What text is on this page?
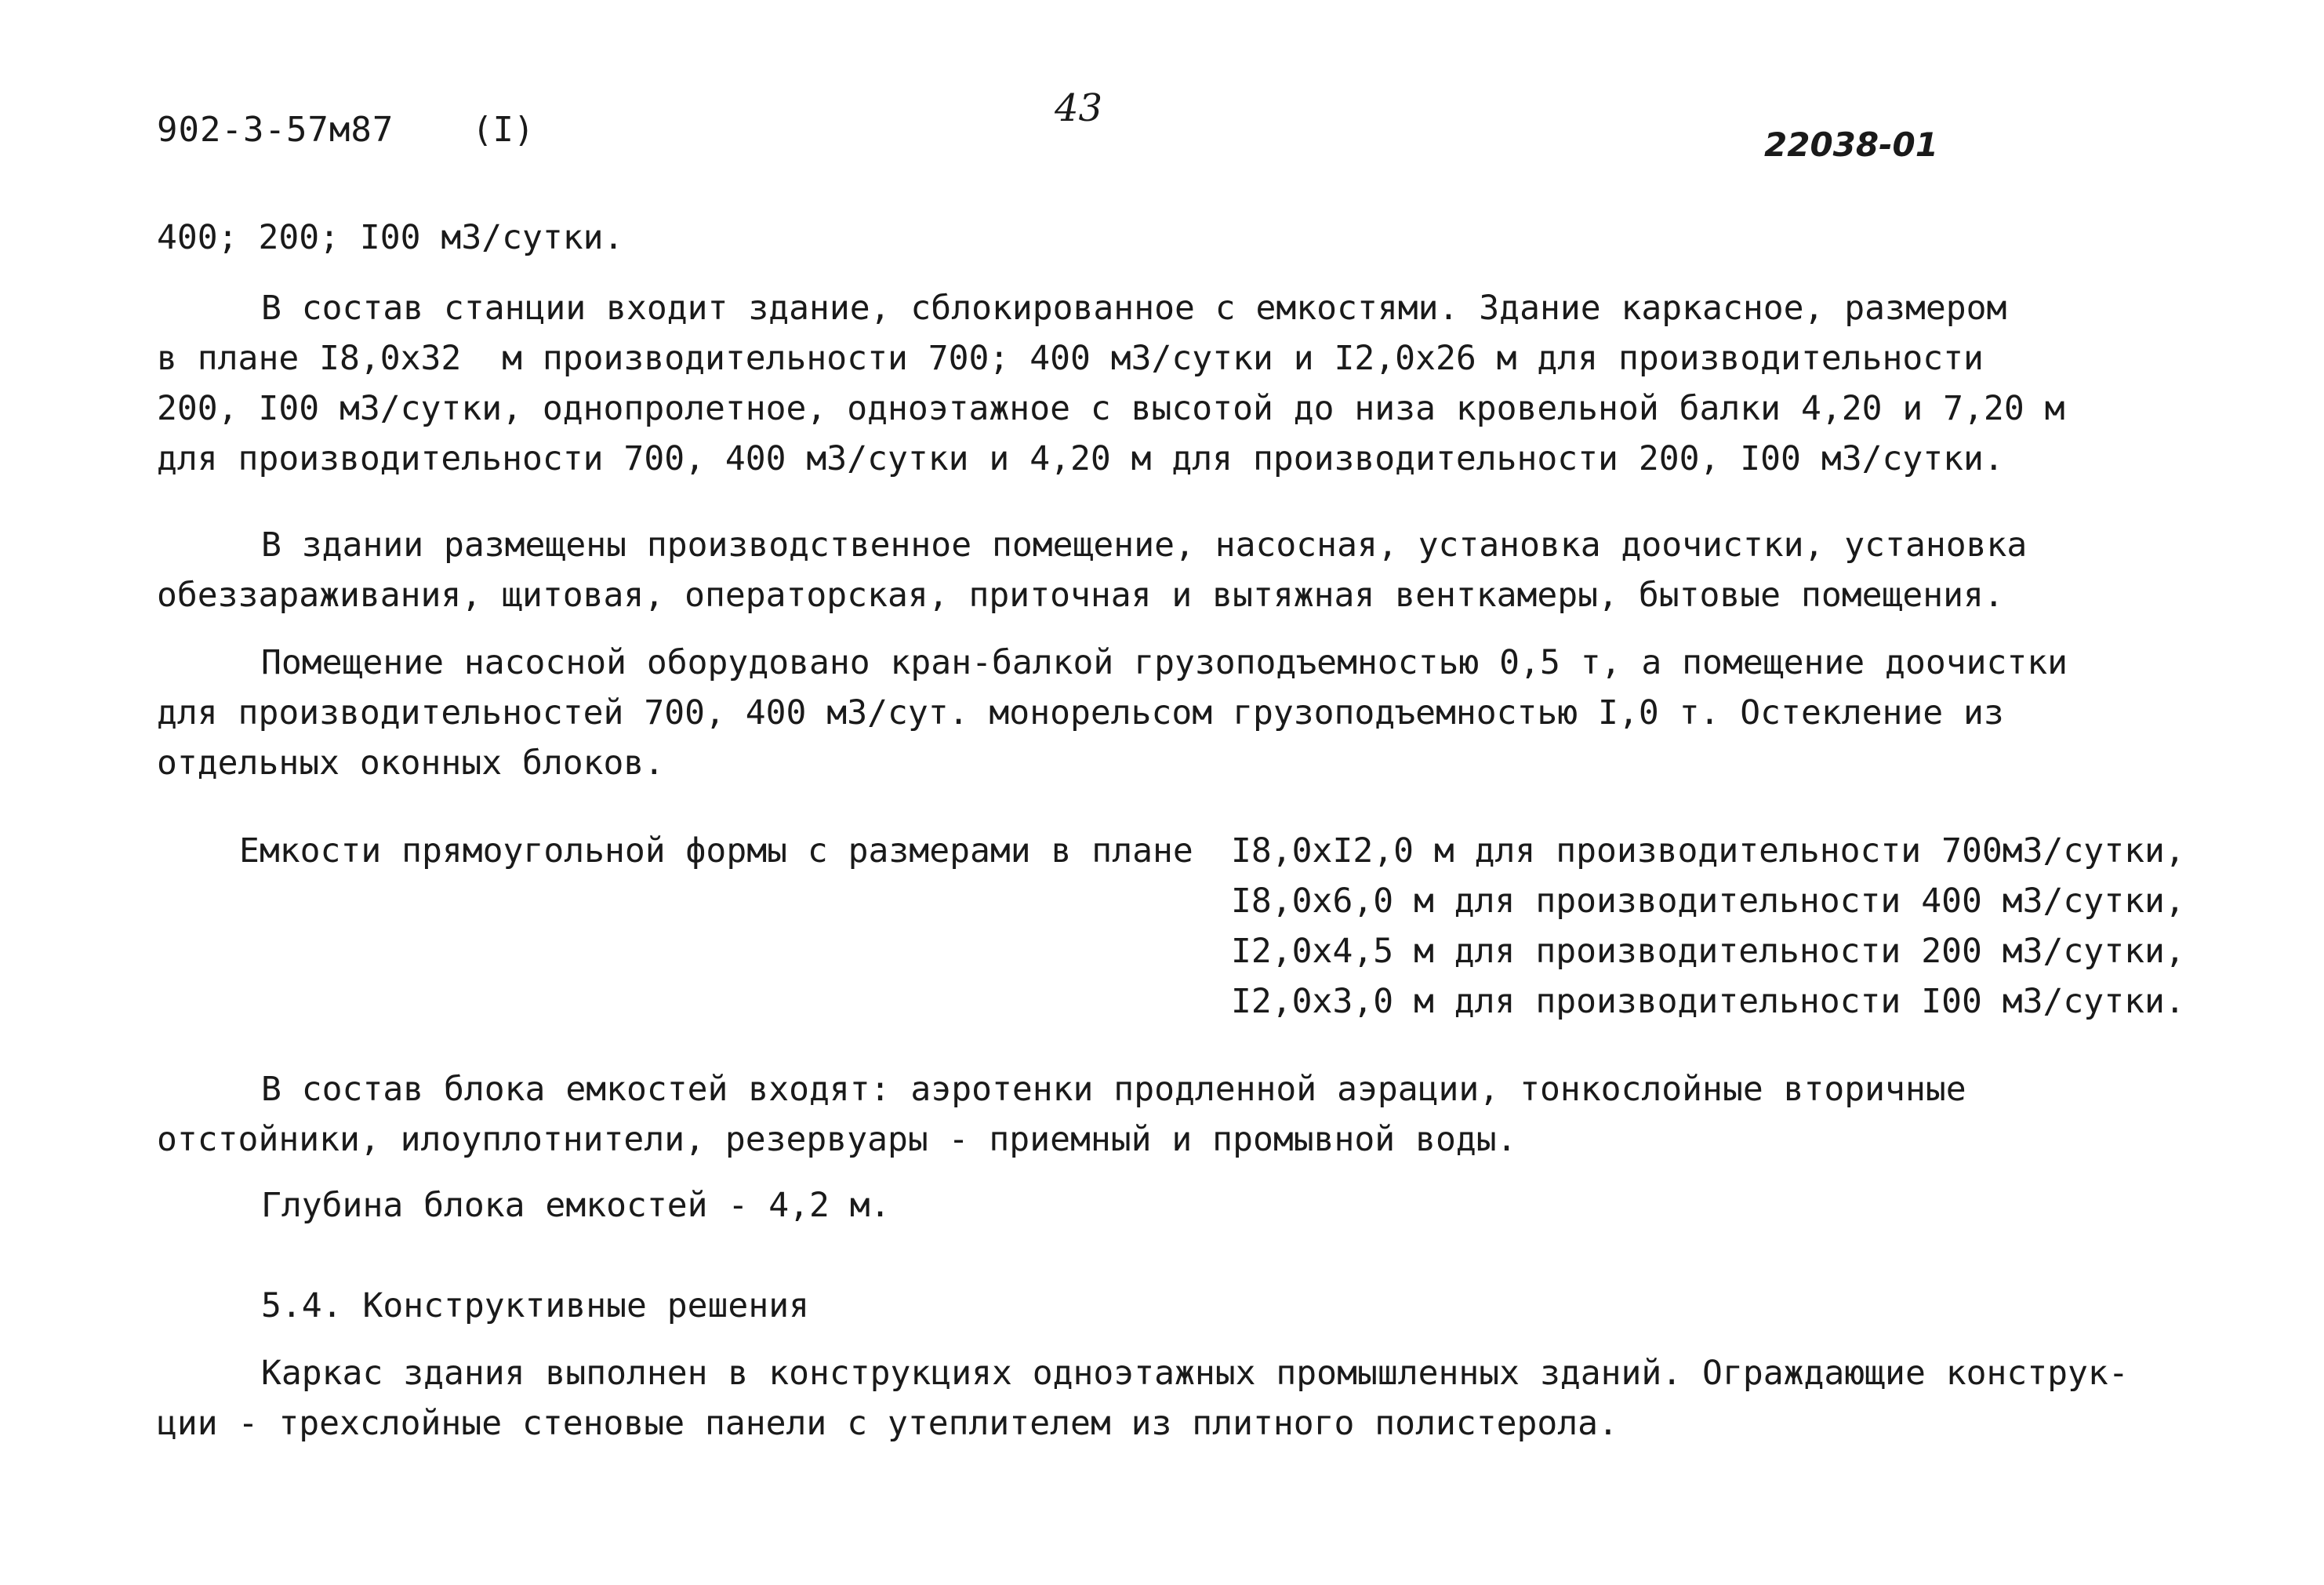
902-3-57м87 (I)	43
22038-01
400; 200; I00 м3/сутки.
В состав станции входит здание, сблокированное с емкостями. Здание каркасное, размером
в плане I8,0х32  м производительности 700; 400 м3/сутки и I2,0х26 м для производительности
200, I00 м3/сутки, однопролетное, одноэтажное с высотой до низа кровельной балки 4,20 и 7,20 м
для производительности 700, 400 м3/сутки и 4,20 м для производительности 200, I00 м3/сутки.
В здании размещены производственное помещение, насосная, установка доочистки, установка
обеззараживания, щитовая, операторская, приточная и вытяжная венткамеры, бытовые помещения.
Помещение насосной оборудовано кран-балкой грузоподъемностью 0,5 т, а помещение доочистки
для производительностей 700, 400 м3/сут. монорельсом грузоподъемностью I,0 т. Остекление из
отдельных оконных блоков.
Емкости прямоугольной формы с размерами в плане I8,0хI2,0 м для производительности 700м3/сутки,
I8,0х6,0 м для производительности 400 м3/сутки,
I2,0х4,5 м для производительности 200 м3/сутки,
I2,0х3,0 м для производительности I00 м3/сутки.
В состав блока емкостей входят: аэротенки продленной аэрации, тонкослойные вторичные
отстойники, илоуплотнители, резервуары - приемный и промывной воды.
Глубина блока емкостей - 4,2 м.
5.4. Конструктивные решения
Каркас здания выполнен в конструкциях одноэтажных промышленных зданий. Ограждающие конструк-
ции - трехслойные стеновые панели с утеплителем из плитного полистерола.
